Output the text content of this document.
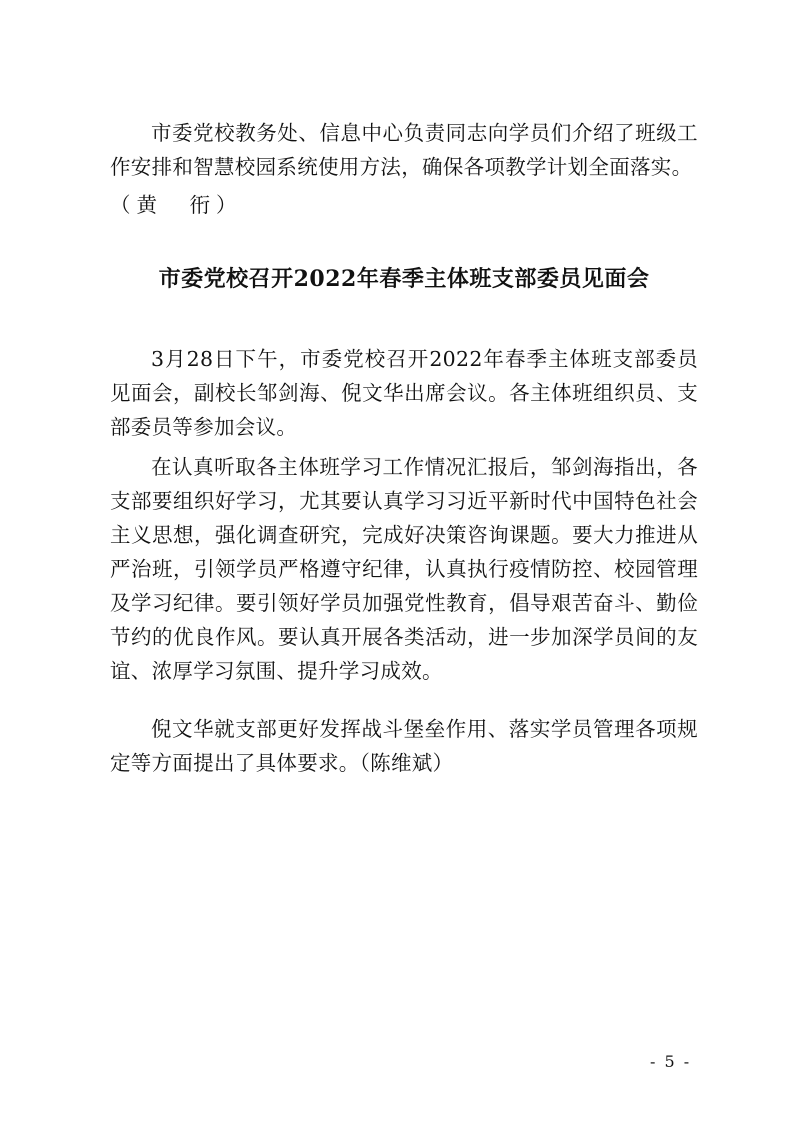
市委党校教务处、信息中心负责同志向学员们介绍了班级工作安排和智慧校园系统使用方法，确保各项教学计划全面落实。

（黄　衎）

市委党校召开2022年春季主体班支部委员见面会

3月28日下午，市委党校召开2022年春季主体班支部委员见面会，副校长邹剑海、倪文华出席会议。各主体班组织员、支部委员等参加会议。

在认真听取各主体班学习工作情况汇报后，邹剑海指出，各支部要组织好学习，尤其要认真学习习近平新时代中国特色社会主义思想，强化调查研究，完成好决策咨询课题。要大力推进从严治班，引领学员严格遵守纪律，认真执行疫情防控、校园管理及学习纪律。要引领好学员加强党性教育，倡导艰苦奋斗、勤俭节约的优良作风。要认真开展各类活动，进一步加深学员间的友谊、浓厚学习氛围、提升学习成效。

倪文华就支部更好发挥战斗堡垒作用、落实学员管理各项规定等方面提出了具体要求。（陈维斌）

- 5 -
